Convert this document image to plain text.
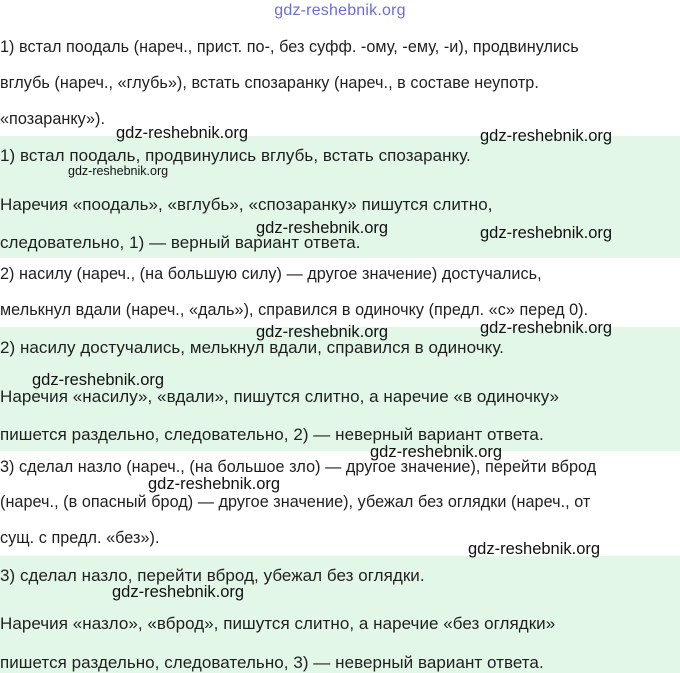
gdz-reshebnik.org
1) встал поодаль (нареч., прист. по-, без суфф. -ому, -ему, -и), продвинулись
вглубь (нареч., «глубь»), встать спозаранку (нареч., в составе неупотр.
«позаранку»).
1) встал поодаль, продвинулись вглубь, встать спозаранку.
Наречия «поодаль», «вглубь», «спозаранку» пишутся слитно,
следовательно, 1) — верный вариант ответа.
2) насилу (нареч., (на большую силу) — другое значение) достучались,
мелькнул вдали (нареч., «даль»), справился в одиночку (предл. «с» перед 0).
2) насилу достучались, мелькнул вдали, справился в одиночку.
Наречия «насилу», «вдали», пишутся слитно, а наречие «в одиночку»
пишется раздельно, следовательно, 2) — неверный вариант ответа.
3) сделал назло (нареч., (на большое зло) — другое значение), перейти вброд
(нареч., (в опасный брод) — другое значение), убежал без оглядки (нареч., от
сущ. с предл. «без»).
3) сделал назло, перейти вброд, убежал без оглядки.
Наречия «назло», «вброд», пишутся слитно, а наречие «без оглядки»
пишется раздельно, следовательно, 3) — неверный вариант ответа.
gdz-reshebnik.org	gdz-reshebnik.org
gdz-reshebnik.org
gdz-reshebnik.org	gdz-reshebnik.org
gdz-reshebnik.org	gdz-reshebnik.org
gdz-reshebnik.org
gdz-reshebnik.org
gdz-reshebnik.org
gdz-reshebnik.org
gdz-reshebnik.org
